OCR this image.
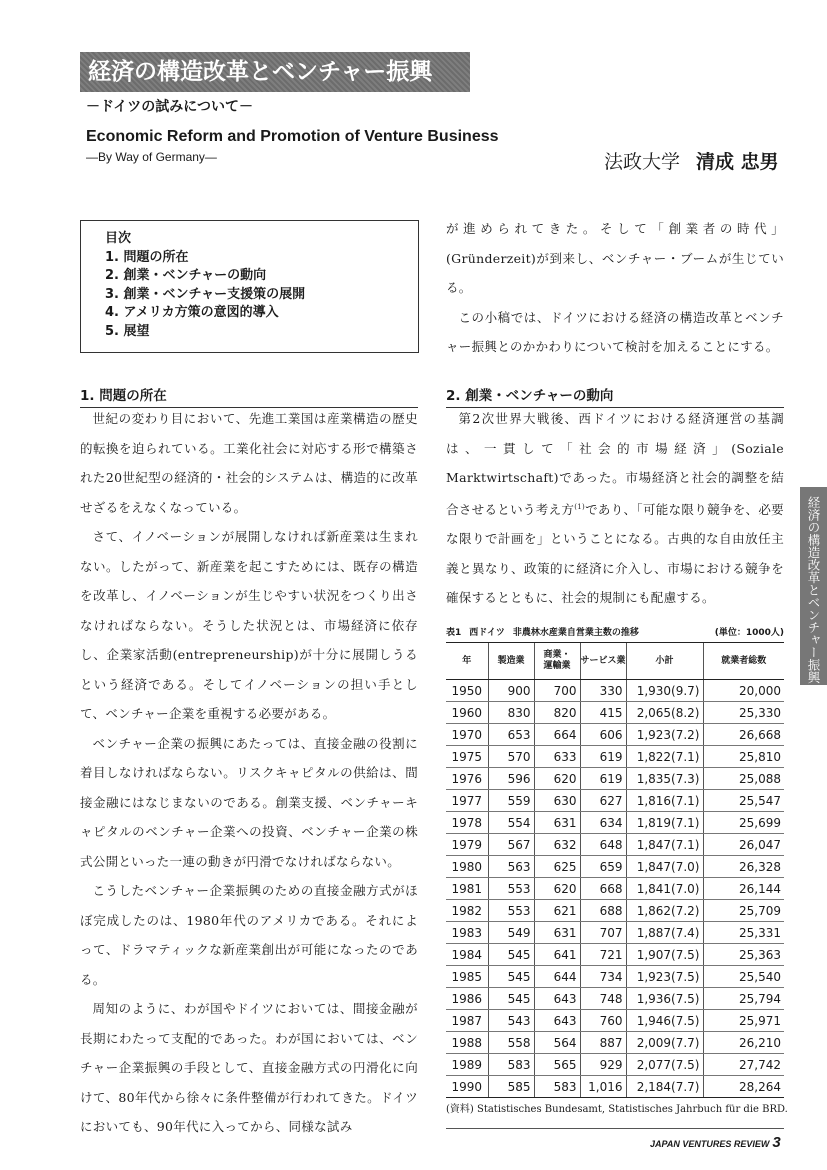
経済の構造改革とベンチャー振興
－ドイツの試みについて－
Economic Reform and Promotion of Venture Business
—By Way of Germany—	法政大学 清成 忠男
目次
1. 問題の所在
2. 創業・ベンチャーの動向
3. 創業・ベンチャー支援策の展開
4. アメリカ方策の意図的導入
5. 展望

が進められてきた。そして「創業者の時代」(Gründerzeit)が到来し、ベンチャー・ブームが生じている。

この小稿では、ドイツにおける経済の構造改革とベンチャー振興とのかかわりについて検討を加えることにする。

1. 問題の所在	2. 創業・ベンチャーの動向

世紀の変わり目において、先進工業国は産業構造の歴史的転換を迫られている。工業化社会に対応する形で構築された20世紀型の経済的・社会的システムは、構造的に改革せざるをえなくなっている。

さて、イノベーションが展開しなければ新産業は生まれない。したがって、新産業を起こすためには、既存の構造を改革し、イノベーションが生じやすい状況をつくり出さなければならない。そうした状況とは、市場経済に依存し、企業家活動(entrepreneurship)が十分に展開しうるという経済である。そしてイノベーションの担い手として、ベンチャー企業を重視する必要がある。

ベンチャー企業の振興にあたっては、直接金融の役割に着目しなければならない。リスクキャピタルの供給は、間接金融にはなじまないのである。創業支援、ベンチャーキャピタルのベンチャー企業への投資、ベンチャー企業の株式公開といった一連の動きが円滑でなければならない。

こうしたベンチャー企業振興のための直接金融方式がほぼ完成したのは、1980年代のアメリカである。それによって、ドラマティックな新産業創出が可能になったのである。

周知のように、わが国やドイツにおいては、間接金融が長期にわたって支配的であった。わが国においては、ベンチャー企業振興の手段として、直接金融方式の円滑化に向けて、80年代から徐々に条件整備が行われてきた。ドイツにおいても、90年代に入ってから、同様な試み

第2次世界大戦後、西ドイツにおける経済運営の基調は、一貫して「社会的市場経済」(Soziale Marktwirtschaft)であった。市場経済と社会的調整を結合させるという考え方$^{(1)}$であり、「可能な限り競争を、必要な限りで計画を」ということになる。古典的な自由放任主義と異なり、政策的に経済に介入し、市場における競争を確保するとともに、社会的規制にも配慮する。	経済の構造改革とベンチャー振興
表1 西ドイツ 非農林水産業自営業主数の推移	(単位：1000人)
年	製造業	商業・運輸業	サービス業	小計	就業者総数
1950	900	700	330	1,930(9.7)	20,000
1960	830	820	415	2,065(8.2)	25,330
1970	653	664	606	1,923(7.2)	26,668
1975	570	633	619	1,822(7.1)	25,810
1976	596	620	619	1,835(7.3)	25,088
1977	559	630	627	1,816(7.1)	25,547
1978	554	631	634	1,819(7.1)	25,699
1979	567	632	648	1,847(7.1)	26,047
1980	563	625	659	1,847(7.0)	26,328
1981	553	620	668	1,841(7.0)	26,144
1982	553	621	688	1,862(7.2)	25,709
1983	549	631	707	1,887(7.4)	25,331
1984	545	641	721	1,907(7.5)	25,363
1985	545	644	734	1,923(7.5)	25,540
1986	545	643	748	1,936(7.5)	25,794
1987	543	643	760	1,946(7.5)	25,971
1988	558	564	887	2,009(7.7)	26,210
1989	583	565	929	2,077(7.5)	27,742
1990	585	583	1,016	2,184(7.7)	28,264
(資料) Statistisches Bundesamt, Statistisches Jahrbuch für die BRD.
JAPAN VENTURES REVIEW 3
